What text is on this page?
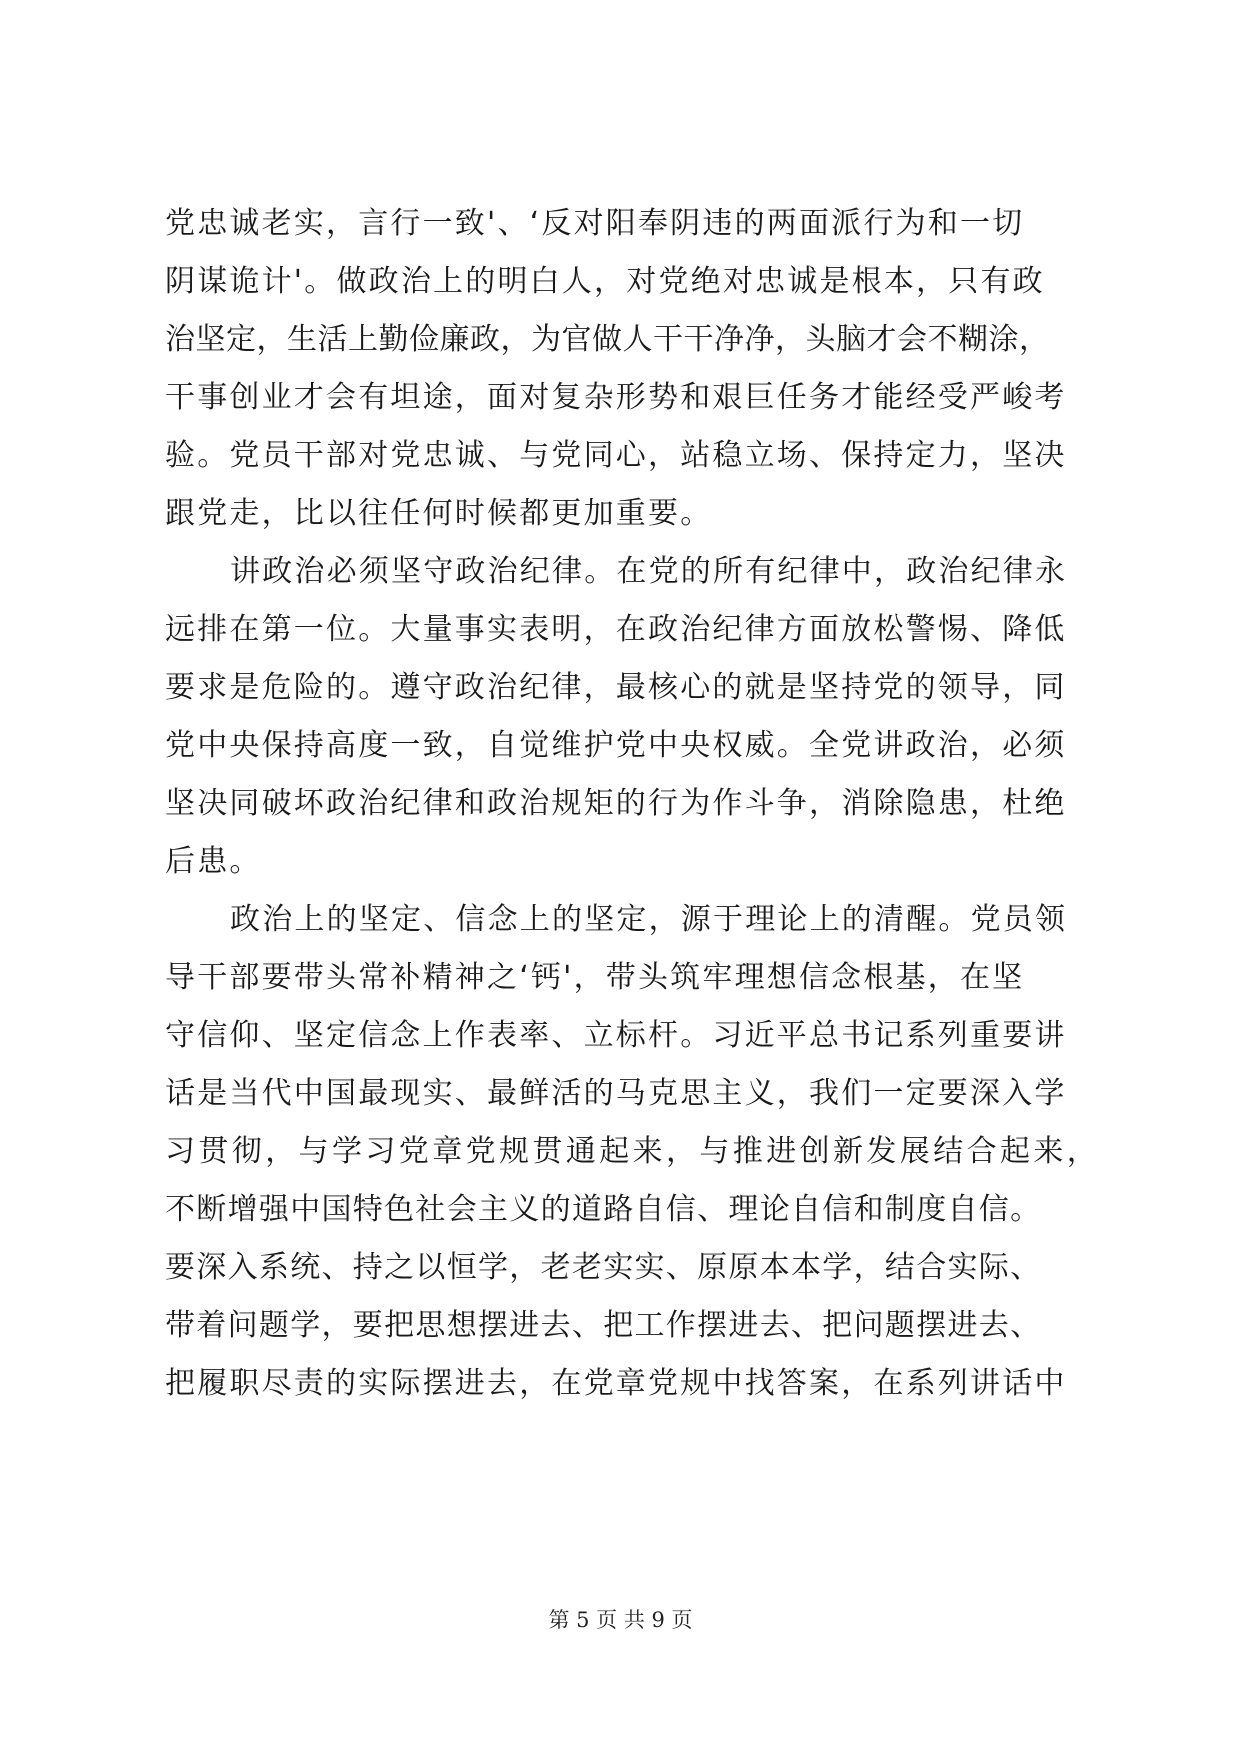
党忠诚老实，言行一致'、‘反对阳奉阴违的两面派行为和一切
阴谋诡计'。做政治上的明白人，对党绝对忠诚是根本，只有政
治坚定，生活上勤俭廉政，为官做人干干净净，头脑才会不糊涂，
干事创业才会有坦途，面对复杂形势和艰巨任务才能经受严峻考
验。党员干部对党忠诚、与党同心，站稳立场、保持定力，坚决
跟党走，比以往任何时候都更加重要。
讲政治必须坚守政治纪律。在党的所有纪律中，政治纪律永
远排在第一位。大量事实表明，在政治纪律方面放松警惕、降低
要求是危险的。遵守政治纪律，最核心的就是坚持党的领导，同
党中央保持高度一致，自觉维护党中央权威。全党讲政治，必须
坚决同破坏政治纪律和政治规矩的行为作斗争，消除隐患，杜绝
后患。
政治上的坚定、信念上的坚定，源于理论上的清醒。党员领
导干部要带头常补精神之‘钙'，带头筑牢理想信念根基，在坚
守信仰、坚定信念上作表率、立标杆。习近平总书记系列重要讲
话是当代中国最现实、最鲜活的马克思主义，我们一定要深入学
习贯彻，与学习党章党规贯通起来，与推进创新发展结合起来，
不断增强中国特色社会主义的道路自信、理论自信和制度自信。
要深入系统、持之以恒学，老老实实、原原本本学，结合实际、
带着问题学，要把思想摆进去、把工作摆进去、把问题摆进去、
把履职尽责的实际摆进去，在党章党规中找答案，在系列讲话中
第 5 页 共 9 页
